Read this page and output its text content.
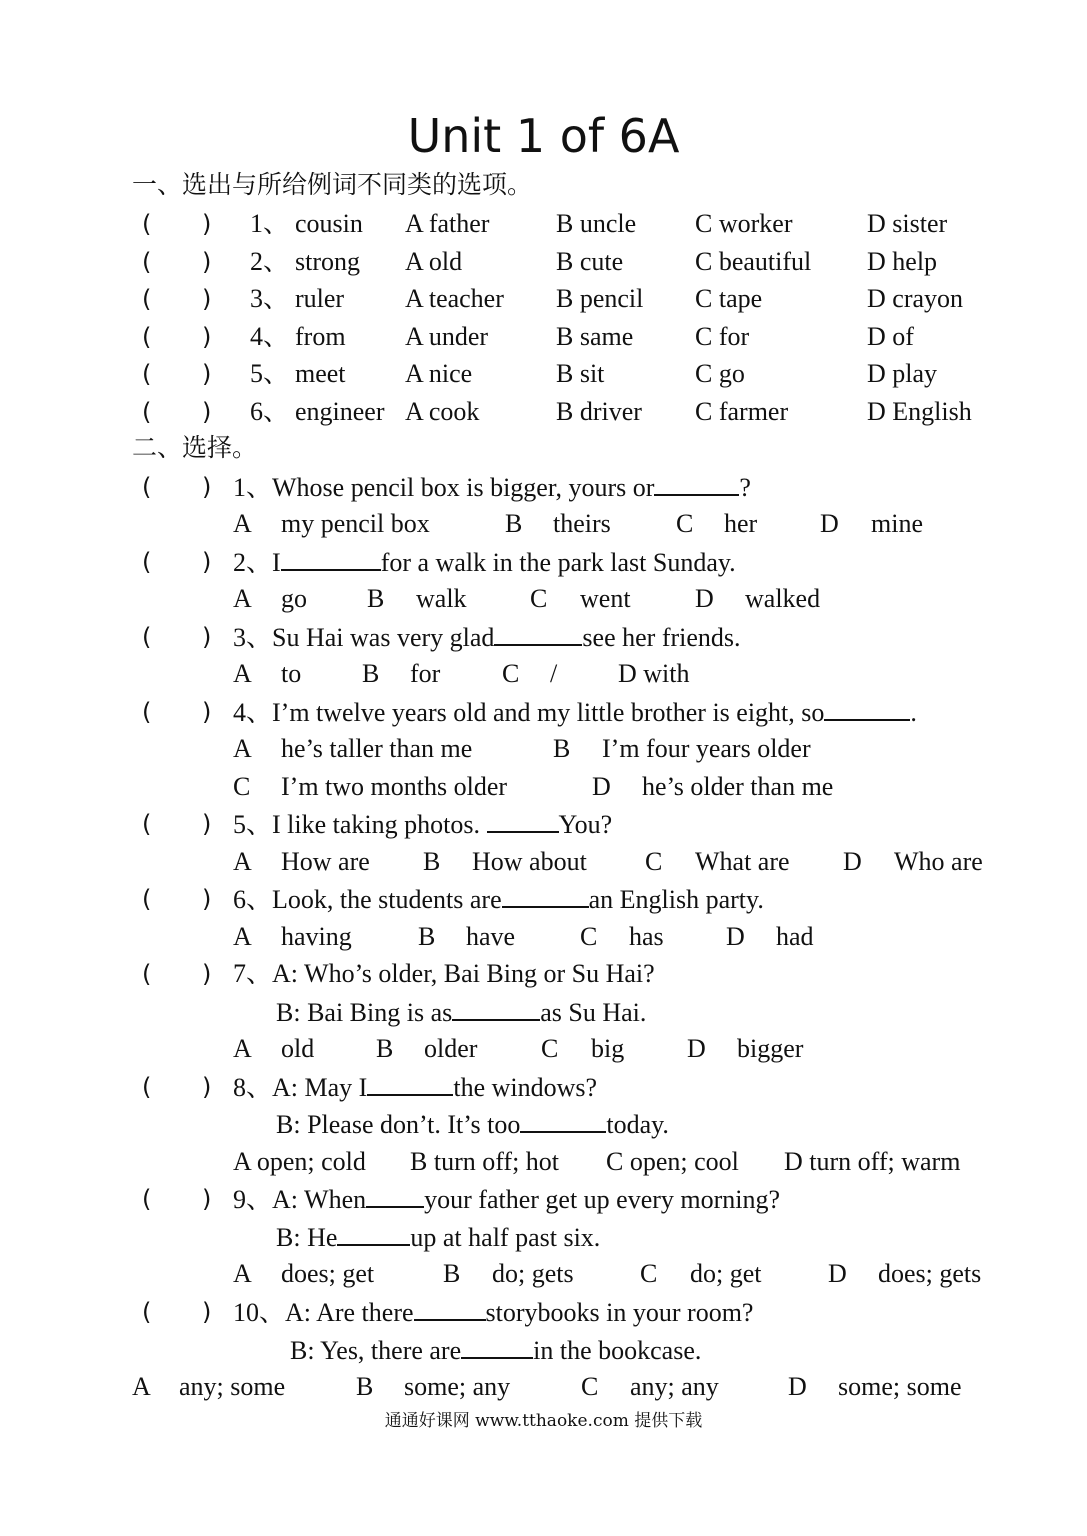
Unit 1 of 6A
一、选出与所给例词不同类的选项。
( ) 1、 cousin A father	B uncle C worker	D sister
( ) 2、 strong A old	B cute	C beautiful D help
( ) 3、 ruler A teacher B pencil C tape	D crayon
( ) 4、 from A under	B same C for	D of
( ) 5、 meet A nice	B sit	C go	D play
( ) 6、 engineer A cook	B driver C farmer	D English
二、选择。
( ) 1、Whose pencil box is bigger, yours or	?
A my pencil box	B theirs	C her D mine
( ) 2、I	for a walk in the park last Sunday.
A go B walk C went D walked
( ) 3、Su Hai was very glad	see her friends.
A to B for C / D with
( ) 4、I’m twelve years old and my little brother is eight, so	.
A he’s taller than me	B I’m four years older
C I’m two months older	D he’s older than me
( ) 5、I like taking photos.	You?
A How are B How about C What are D Who are
( ) 6、Look, the students are	an English party.
A having	B have C has D had
( ) 7、A: Who’s older, Bai Bing or Su Hai?
B: Bai Bing is as	as Su Hai.
A old B older C big D bigger
( ) 8、A: May I	the windows?
B: Please don’t. It’s too	today.
A open; cold B turn off; hot C open; cool D turn off; warm
( ) 9、A: When your father get up every morning?
B: He	up at half past six.
A does; get	B do; gets	C do; get	D does; gets
( ) 10、A: Are there	storybooks in your room?
B: Yes, there are	in the bookcase.
A any; some	B some; any	C any; any	D some; some
通通好课网 www.tthaoke.com 提供下载
